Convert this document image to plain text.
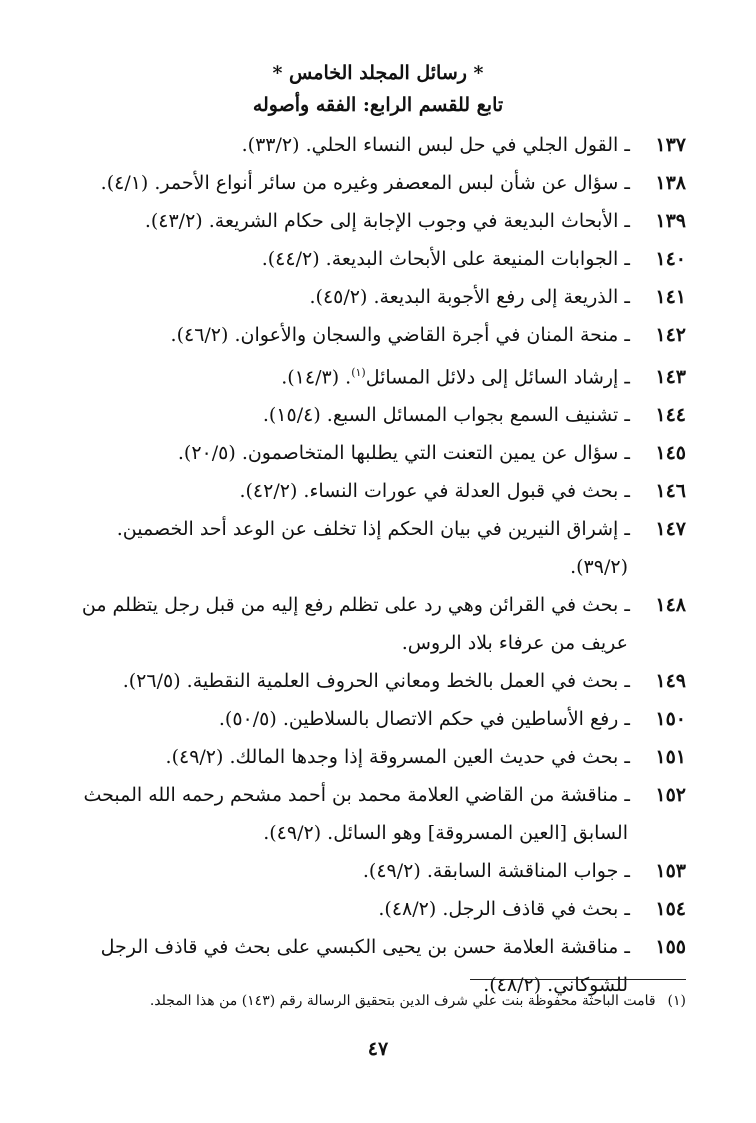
* رسائل المجلد الخامس *
تابع للقسم الرابع: الفقه وأصوله
١٣٧ ـ القول الجلي في حل لبس النساء الحلي. (٣٣/٢).
١٣٨ ـ سؤال عن شأن لبس المعصفر وغيره من سائر أنواع الأحمر. (٤/١).
١٣٩ ـ الأبحاث البديعة في وجوب الإجابة إلى حكام الشريعة. (٤٣/٢).
١٤٠ ـ الجوابات المنيعة على الأبحاث البديعة. (٤٤/٢).
١٤١ ـ الذريعة إلى رفع الأجوبة البديعة. (٤٥/٢).
١٤٢ ـ منحة المنان في أجرة القاضي والسجان والأعوان. (٤٦/٢).
١٤٣ ـ إرشاد السائل إلى دلائل المسائل$^{(١)}$. (١٤/٣).
١٤٤ ـ تشنيف السمع بجواب المسائل السبع. (١٥/٤).
١٤٥ ـ سؤال عن يمين التعنت التي يطلبها المتخاصمون. (٢٠/٥).
١٤٦ ـ بحث في قبول العدلة في عورات النساء. (٤٢/٢).
١٤٧ ـ إشراق النيرين في بيان الحكم إذا تخلف عن الوعد أحد الخصمين. (٣٩/٢).
١٤٨ ـ بحث في القرائن وهي رد على تظلم رفع إليه من قبل رجل يتظلم من عريف من عرفاء بلاد الروس.
١٤٩ ـ بحث في العمل بالخط ومعاني الحروف العلمية النقطية. (٢٦/٥).
١٥٠ ـ رفع الأساطين في حكم الاتصال بالسلاطين. (٥٠/٥).
١٥١ ـ بحث في حديث العين المسروقة إذا وجدها المالك. (٤٩/٢).
١٥٢ ـ مناقشة من القاضي العلامة محمد بن أحمد مشحم رحمه الله المبحث السابق [العين المسروقة] وهو السائل. (٤٩/٢).
١٥٣ ـ جواب المناقشة السابقة. (٤٩/٢).
١٥٤ ـ بحث في قاذف الرجل. (٤٨/٢).
١٥٥ ـ مناقشة العلامة حسن بن يحيى الكبسي على بحث في قاذف الرجل للشوكاني. (٤٨/٢).
(١)قامت الباحثة محفوظة بنت علي شرف الدين بتحقيق الرسالة رقم (١٤٣) من هذا المجلد.
٤٧
